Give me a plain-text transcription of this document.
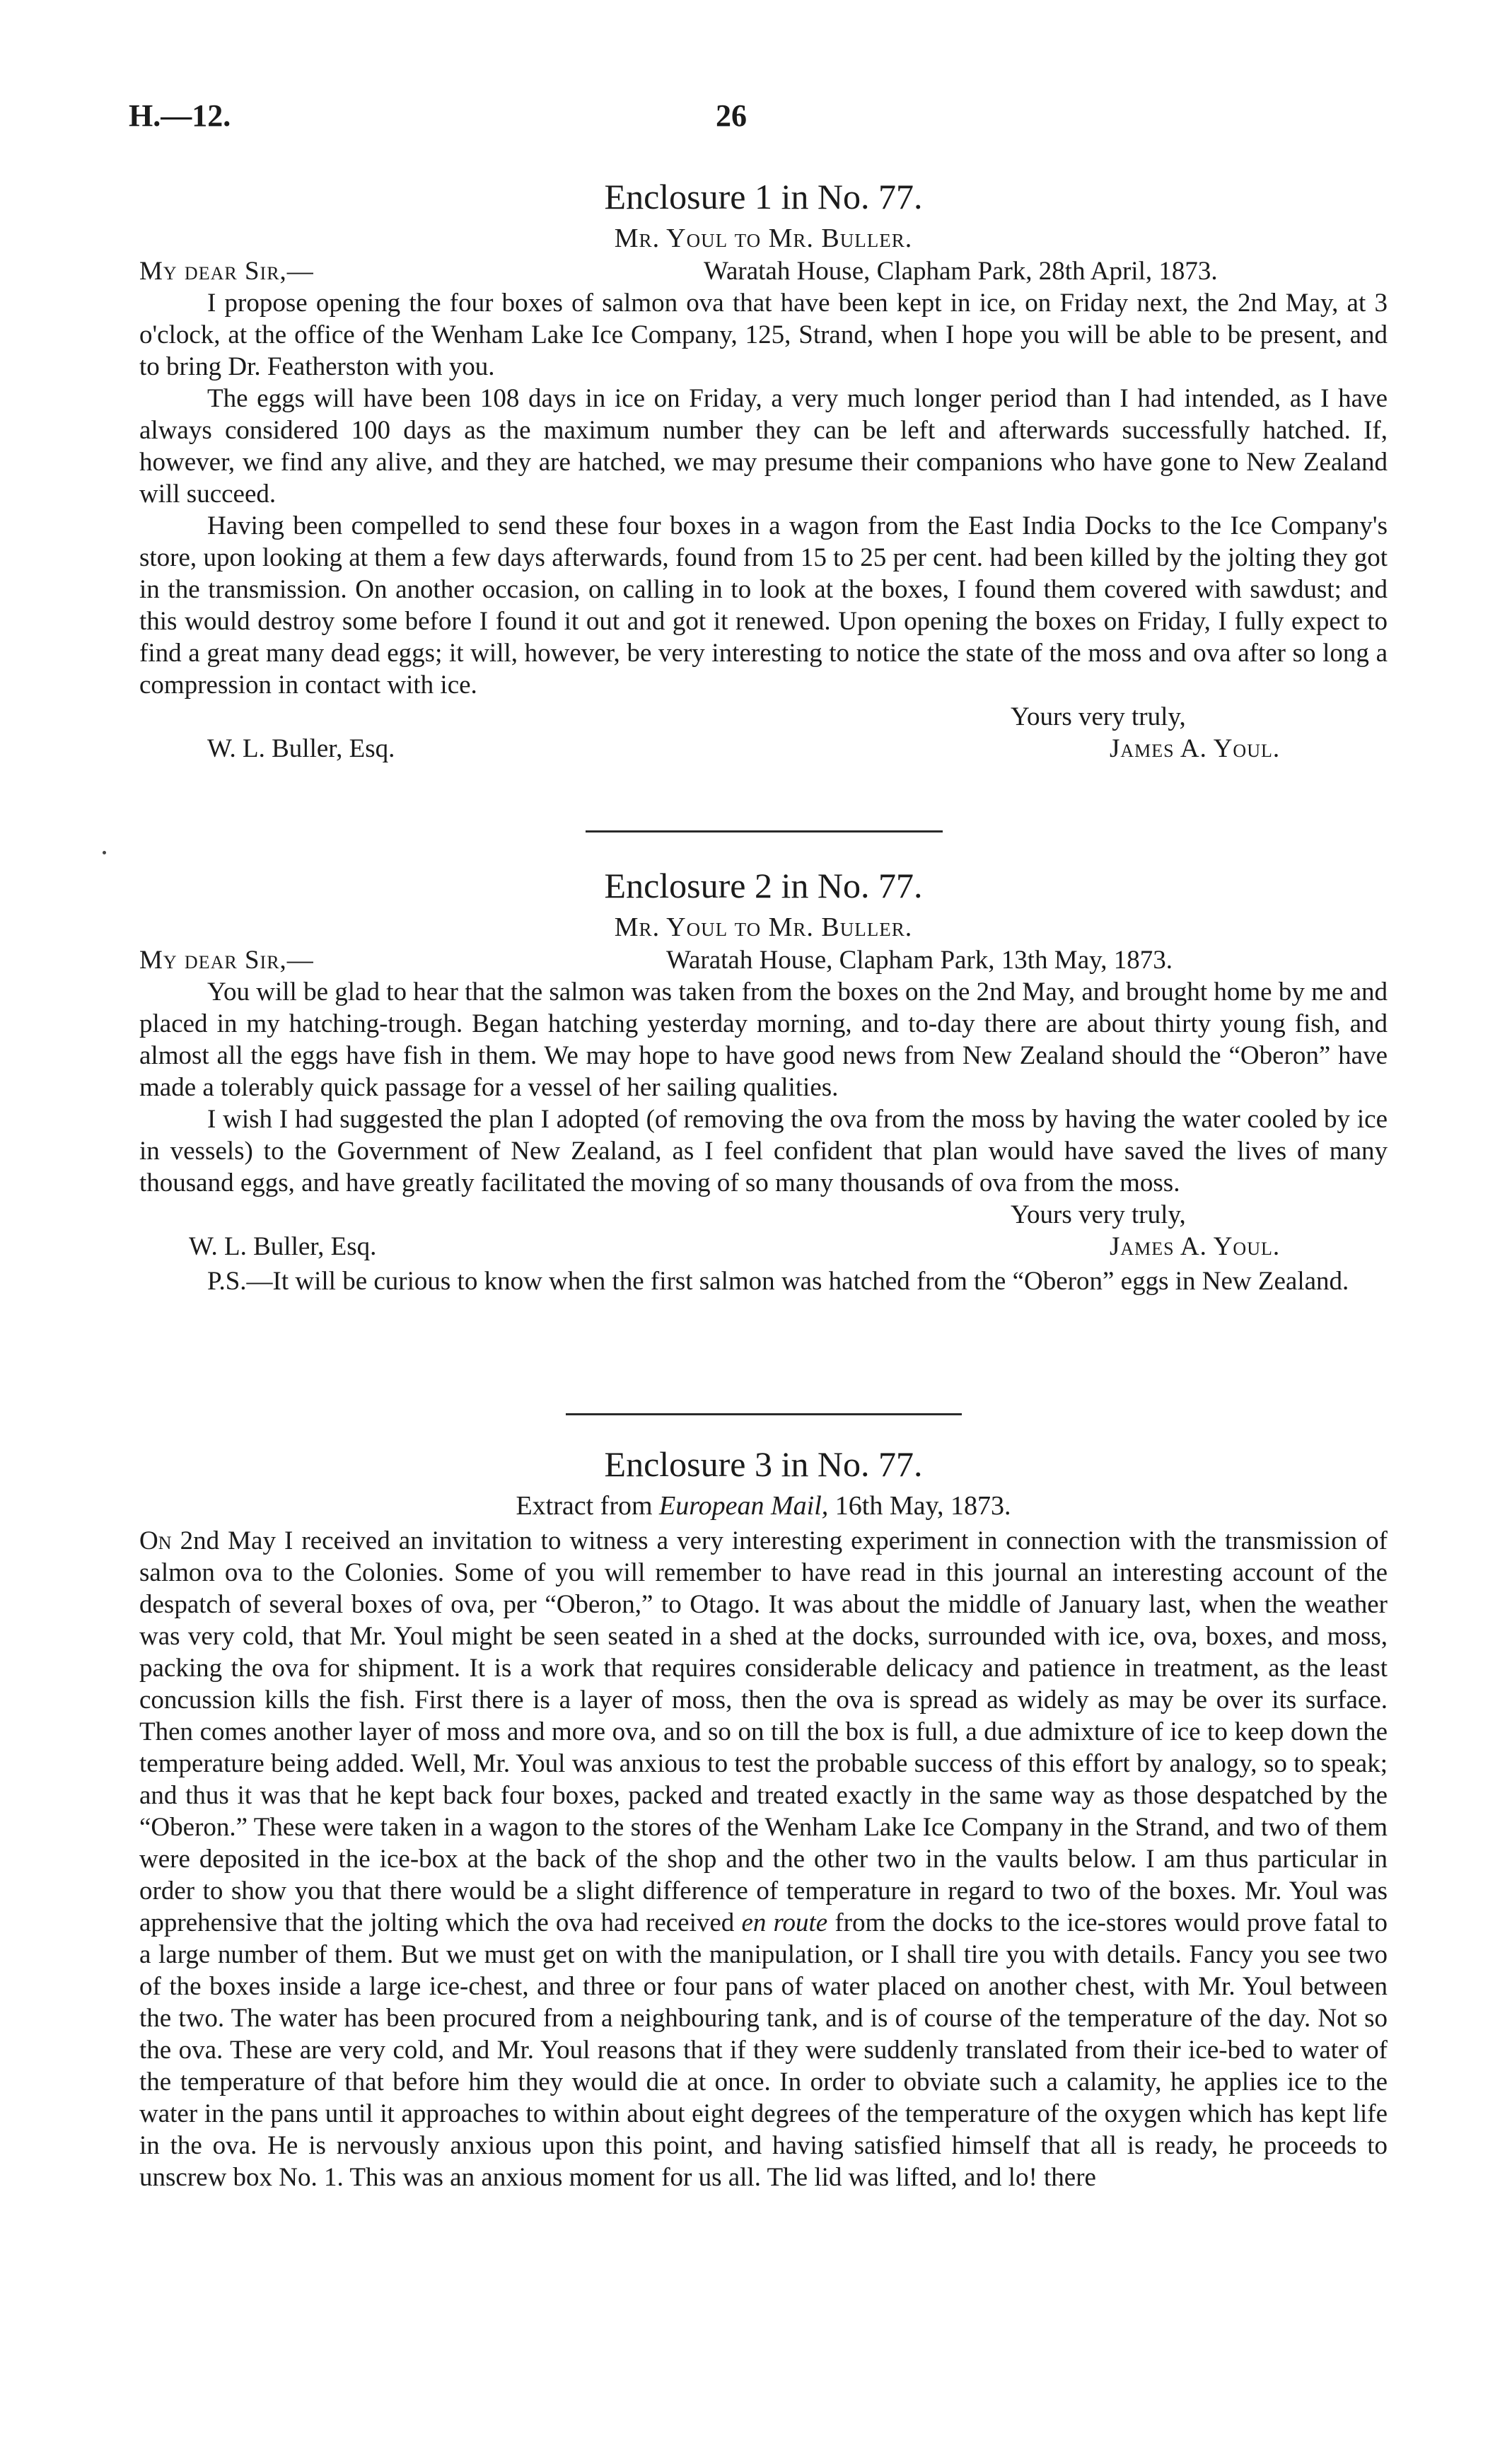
H.—12.	26
Enclosure 1 in No. 77.
Mr. Youl to Mr. Buller.
My dear Sir,—	Waratah House, Clapham Park, 28th April, 1873.

I propose opening the four boxes of salmon ova that have been kept in ice, on Friday next, the 2nd May, at 3 o'clock, at the office of the Wenham Lake Ice Company, 125, Strand, when I hope you will be able to be present, and to bring Dr. Featherston with you.

The eggs will have been 108 days in ice on Friday, a very much longer period than I had intended, as I have always considered 100 days as the maximum number they can be left and afterwards successfully hatched. If, however, we find any alive, and they are hatched, we may presume their companions who have gone to New Zealand will succeed.

Having been compelled to send these four boxes in a wagon from the East India Docks to the Ice Company's store, upon looking at them a few days afterwards, found from 15 to 25 per cent. had been killed by the jolting they got in the transmission. On another occasion, on calling in to look at the boxes, I found them covered with sawdust; and this would destroy some before I found it out and got it renewed. Upon opening the boxes on Friday, I fully expect to find a great many dead eggs; it will, however, be very interesting to notice the state of the moss and ova after so long a compression in contact with ice.

Yours very truly,
W. L. Buller, Esq.	James A. Youl.
Enclosure 2 in No. 77.
Mr. Youl to Mr. Buller.
My dear Sir,—	Waratah House, Clapham Park, 13th May, 1873.

You will be glad to hear that the salmon was taken from the boxes on the 2nd May, and brought home by me and placed in my hatching-trough. Began hatching yesterday morning, and to-day there are about thirty young fish, and almost all the eggs have fish in them. We may hope to have good news from New Zealand should the “Oberon” have made a tolerably quick passage for a vessel of her sailing qualities.

I wish I had suggested the plan I adopted (of removing the ova from the moss by having the water cooled by ice in vessels) to the Government of New Zealand, as I feel confident that plan would have saved the lives of many thousand eggs, and have greatly facilitated the moving of so many thousands of ova from the moss.

Yours very truly,
W. L. Buller, Esq.	James A. Youl.

P.S.—It will be curious to know when the first salmon was hatched from the “Oberon” eggs in New Zealand.

Enclosure 3 in No. 77.
Extract from European Mail, 16th May, 1873.

On 2nd May I received an invitation to witness a very interesting experiment in connection with the transmission of salmon ova to the Colonies. Some of you will remember to have read in this journal an interesting account of the despatch of several boxes of ova, per “Oberon,” to Otago. It was about the middle of January last, when the weather was very cold, that Mr. Youl might be seen seated in a shed at the docks, surrounded with ice, ova, boxes, and moss, packing the ova for shipment. It is a work that requires considerable delicacy and patience in treatment, as the least concussion kills the fish. First there is a layer of moss, then the ova is spread as widely as may be over its surface. Then comes another layer of moss and more ova, and so on till the box is full, a due admixture of ice to keep down the temperature being added. Well, Mr. Youl was anxious to test the probable success of this effort by analogy, so to speak; and thus it was that he kept back four boxes, packed and treated exactly in the same way as those despatched by the “Oberon.” These were taken in a wagon to the stores of the Wenham Lake Ice Company in the Strand, and two of them were deposited in the ice-box at the back of the shop and the other two in the vaults below. I am thus particular in order to show you that there would be a slight difference of temperature in regard to two of the boxes. Mr. Youl was apprehensive that the jolting which the ova had received en route from the docks to the ice-stores would prove fatal to a large number of them. But we must get on with the manipulation, or I shall tire you with details. Fancy you see two of the boxes inside a large ice-chest, and three or four pans of water placed on another chest, with Mr. Youl between the two. The water has been procured from a neighbouring tank, and is of course of the temperature of the day. Not so the ova. These are very cold, and Mr. Youl reasons that if they were suddenly translated from their ice-bed to water of the temperature of that before him they would die at once. In order to obviate such a calamity, he applies ice to the water in the pans until it approaches to within about eight degrees of the temperature of the oxygen which has kept life in the ova. He is nervously anxious upon this point, and having satisfied himself that all is ready, he proceeds to unscrew box No. 1. This was an anxious moment for us all. The lid was lifted, and lo! there
